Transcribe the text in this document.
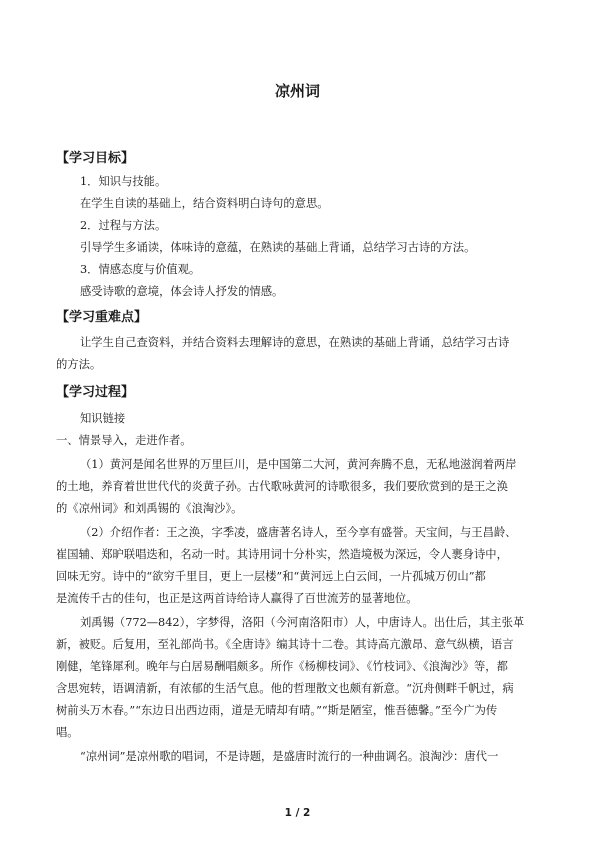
凉州词
【学习目标】
1．知识与技能。
在学生自读的基础上，结合资料明白诗句的意思。
2．过程与方法。
引导学生多诵读，体味诗的意蕴，在熟读的基础上背诵，总结学习古诗的方法。
3．情感态度与价值观。
感受诗歌的意境，体会诗人抒发的情感。
【学习重难点】
让学生自己查资料，并结合资料去理解诗的意思，在熟读的基础上背诵，总结学习古诗
的方法。
【学习过程】
知识链接
一、情景导入，走进作者。
（1）黄河是闻名世界的万里巨川，是中国第二大河，黄河奔腾不息，无私地滋润着两岸
的土地，养育着世世代代的炎黄子孙。古代歌咏黄河的诗歌很多，我们要欣赏到的是王之涣
的《凉州词》和刘禹锡的《浪淘沙》。
（2）介绍作者：王之涣，字季凌，盛唐著名诗人，至今享有盛誉。天宝间，与王昌龄、
崔国辅、郑昈联唱迭和，名动一时。其诗用词十分朴实，然造境极为深远，令人裹身诗中，
回味无穷。诗中的“欲穷千里目，更上一层楼”和“黄河远上白云间，一片孤城万仞山”都
是流传千古的佳句，也正是这两首诗给诗人赢得了百世流芳的显著地位。
刘禹锡（772—842），字梦得，洛阳（今河南洛阳市）人，中唐诗人。出仕后，其主张革
新，被贬。后复用，至礼部尚书。《全唐诗》编其诗十二卷。其诗高亢激昂、意气纵横，语言
刚健，笔锋犀利。晚年与白居易酬唱颇多。所作《杨柳枝词》、《竹枝词》、《浪淘沙》等，都
含思宛转，语调清新，有浓郁的生活气息。他的哲理散文也颇有新意。“沉舟侧畔千帆过，病
树前头万木春。”“东边日出西边雨，道是无晴却有晴。”“斯是陋室，惟吾德馨。”至今广为传
唱。
“凉州词”是凉州歌的唱词，不是诗题，是盛唐时流行的一种曲调名。浪淘沙：唐代一
1 / 2
